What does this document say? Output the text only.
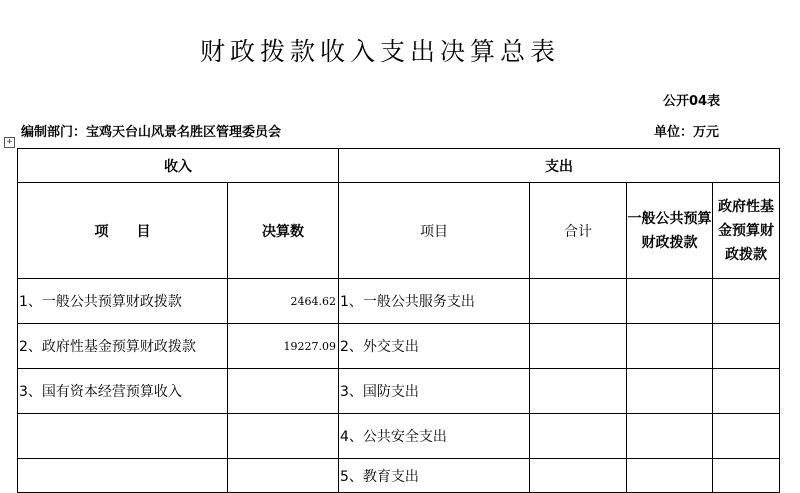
财政拨款收入支出决算总表
公开04表
编制部门：宝鸡天台山风景名胜区管理委员会	单位：万元
+
收入		支出			
项　　目	决算数	项目	合计	一般公共预算财政拨款	政府性基金预算财政拨款
1、一般公共预算财政拨款	2464.62	1、一般公共服务支出			
2、政府性基金预算财政拨款	19227.09	2、外交支出			
3、国有资本经营预算收入		3、国防支出			
		4、公共安全支出			
		5、教育支出			
